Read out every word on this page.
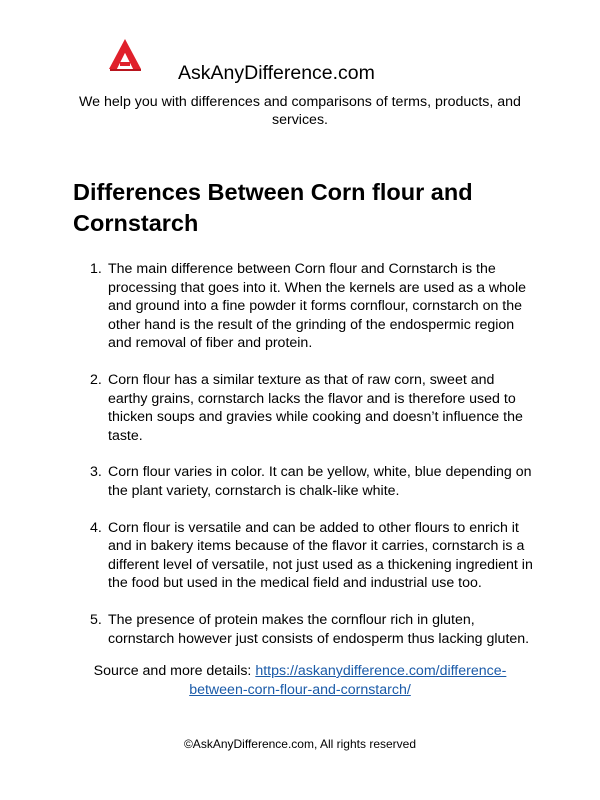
AskAnyDifference.com
We help you with differences and comparisons of terms, products, and services.
Differences Between Corn flour and Cornstarch
1. The main difference between Corn flour and Cornstarch is the processing that goes into it. When the kernels are used as a whole and ground into a fine powder it forms cornflour, cornstarch on the other hand is the result of the grinding of the endospermic region and removal of fiber and protein.
2. Corn flour has a similar texture as that of raw corn, sweet and earthy grains, cornstarch lacks the flavor and is therefore used to thicken soups and gravies while cooking and doesn’t influence the taste.
3. Corn flour varies in color. It can be yellow, white, blue depending on the plant variety, cornstarch is chalk-like white.
4. Corn flour is versatile and can be added to other flours to enrich it and in bakery items because of the flavor it carries, cornstarch is a different level of versatile, not just used as a thickening ingredient in the food but used in the medical field and industrial use too.
5. The presence of protein makes the cornflour rich in gluten, cornstarch however just consists of endosperm thus lacking gluten.
Source and more details: https://askanydifference.com/difference-between-corn-flour-and-cornstarch/
©AskAnyDifference.com, All rights reserved
